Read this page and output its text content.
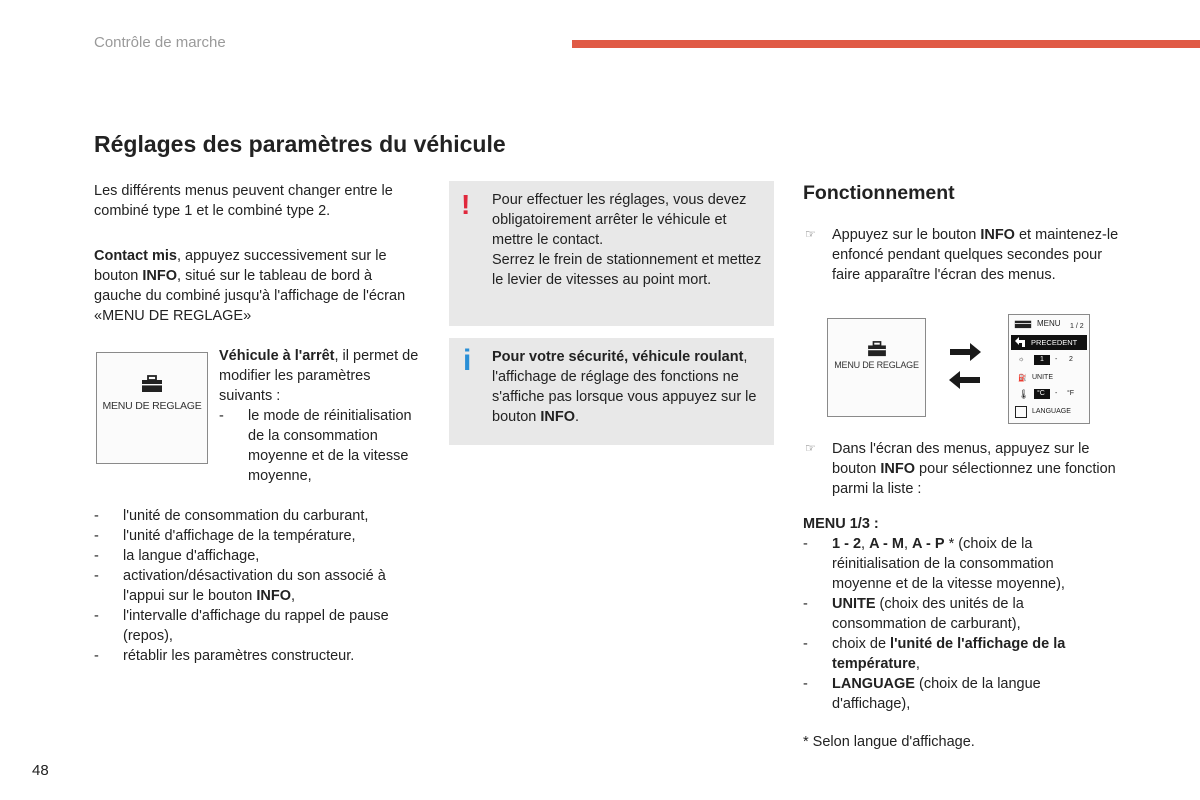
Contrôle de marche
Réglages des paramètres du véhicule

Les différents menus peuvent changer entre le combiné type 1 et le combiné type 2.

Contact mis, appuyez successivement sur le bouton INFO, situé sur le tableau de bord à gauche du combiné jusqu'à l'affichage de l'écran «MENU DE REGLAGE»

MENU DE REGLAGE

Véhicule à l'arrêt, il permet de modifier les paramètres suivants :

- le mode de réinitialisation de la consommation moyenne et de la vitesse moyenne,
- l'unité de consommation du carburant,
- l'unité d'affichage de la température,
- la langue d'affichage,
- activation/désactivation du son associé à l'appui sur le bouton INFO,
- l'intervalle d'affichage du rappel de pause (repos),
- rétablir les paramètres constructeur.
! Pour effectuer les réglages, vous devez obligatoirement arrêter le véhicule et mettre le contact.
Serrez le frein de stationnement et mettez le levier de vitesses au point mort.

i Pour votre sécurité, véhicule roulant, l'affichage de réglage des fonctions ne s'affiche pas lorsque vous appuyez sur le bouton INFO.

Fonctionnement
☞ Appuyez sur le bouton INFO et maintenez-le enfoncé pendant quelques secondes pour faire apparaître l'écran des menus.

MENU DE REGLAGE
MENU 1 / 2
PRECEDENT
☼ 1 - 2
⛽ UNITE
🌡 °C - °F
LANGUAGE
☞ Dans l'écran des menus, appuyez sur le bouton INFO pour sélectionnez une fonction parmi la liste :

MENU 1/3 :

- 1 - 2, A - M, A - P * (choix de la réinitialisation de la consommation moyenne et de la vitesse moyenne),
- UNITE (choix des unités de la consommation de carburant),
- choix de l'unité de l'affichage de la température,
- LANGUAGE (choix de la langue d'affichage),

* Selon langue d'affichage.

48
